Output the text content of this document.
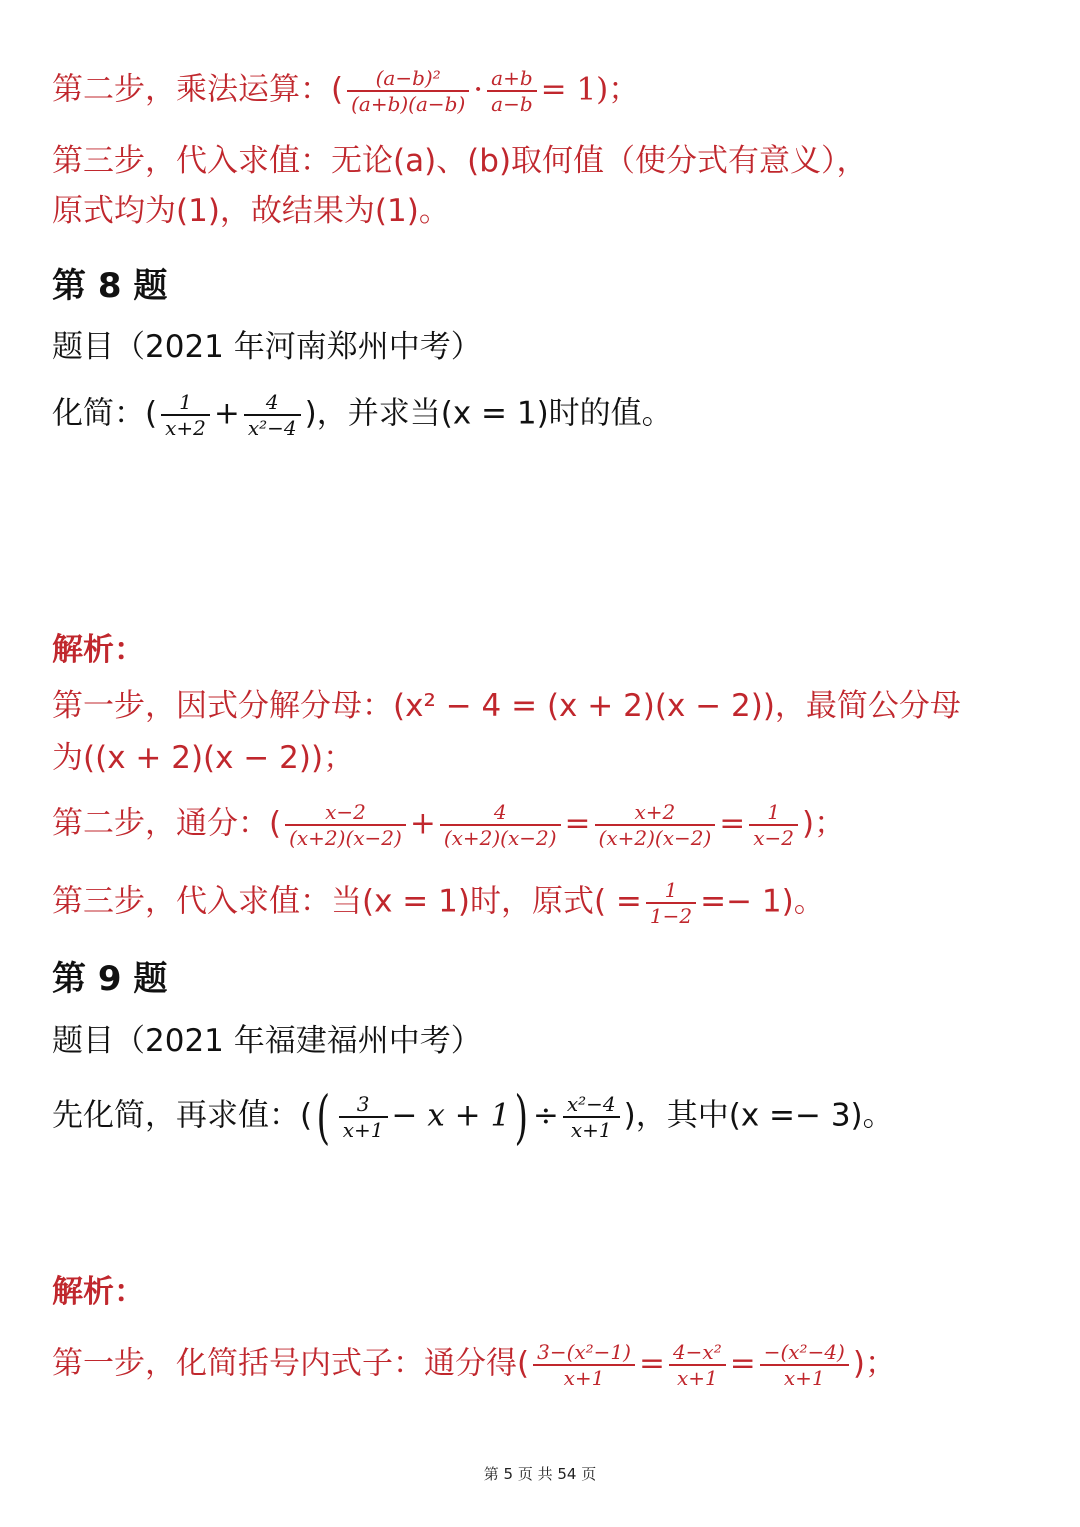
第二步，乘法运算：( $\frac{\text{(a−b)²}}{(a+b)(a-b)} \cdot \frac{a+b}{a-b} = 1$)；
第三步，代入求值：无论(a)、(b)取何值（使分式有意义），
原式均为(1)，故结果为(1)。
第 8 题
题目（2021 年河南郑州中考）
化简：( $\frac{1}{x+2} + \frac{4}{\text{x²−4}}$ )，并求当(x = 1)时的值。
解析：
第一步，因式分解分母：(x² − 4 = (x + 2)(x − 2))，最简公分母
为((x + 2)(x − 2))；
第二步，通分：( $\frac{x-2}{(x+2)(x-2)} + \frac{4}{(x+2)(x-2)} = \frac{x+2}{(x+2)(x-2)} = \frac{1}{x-2}$ )；
第三步，代入求值：当(x = 1)时，原式( = $\frac{1}{1-2} =- 1$)。
第 9 题
题目（2021 年福建福州中考）
先化简，再求值：(( $\frac{3}{x+1} - x + 1) \div \frac{\text{x²−4}}{x+1}$ )，其中(x =− 3)。
解析：
第一步，化简括号内式子：通分得( $\frac{\text{3−(x²−1)}}{x+1} = \frac{\text{4−x²}}{x+1} = \frac{\text{−(x²−4)}}{x+1}$ )；
第 5 页 共 54 页
